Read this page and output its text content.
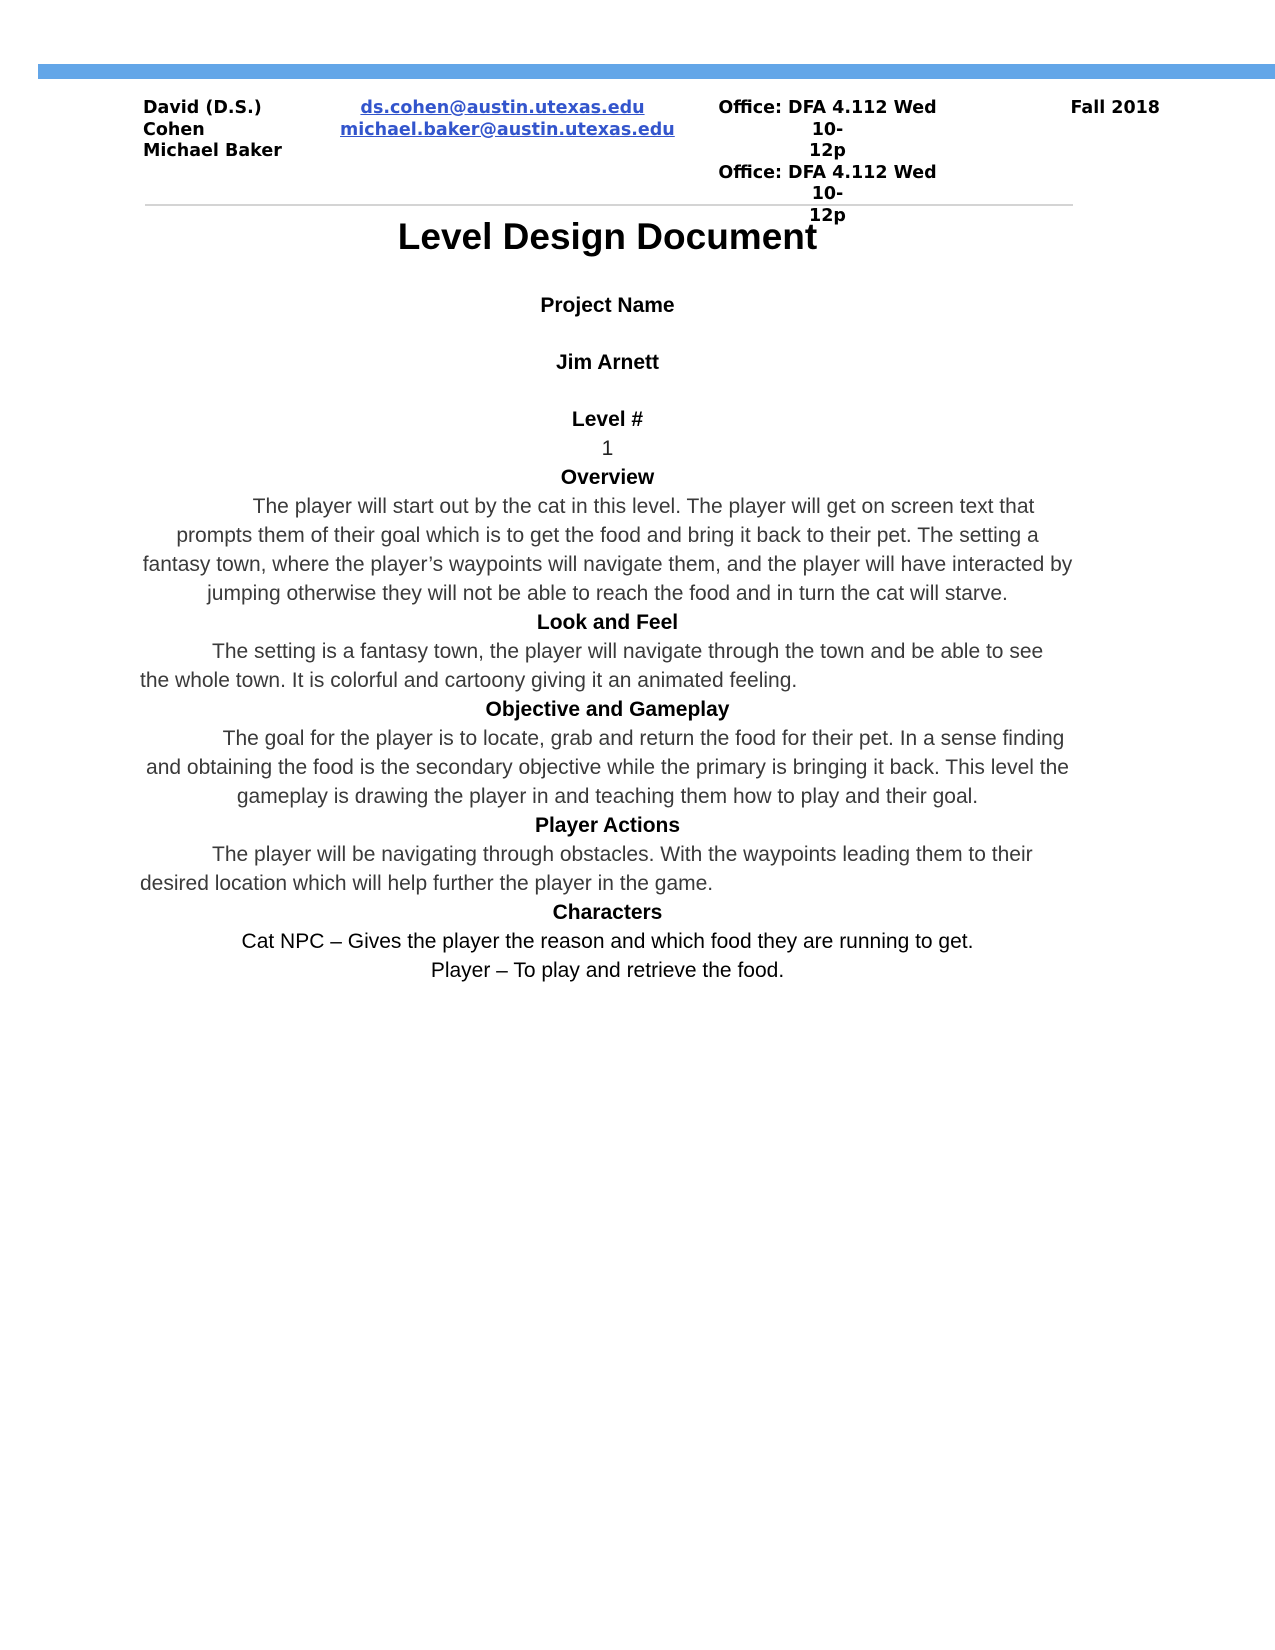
David (D.S.)
Cohen
Michael Baker
ds.cohen@austin.utexas.edu
michael.baker@austin.utexas.edu
Office: DFA 4.112 Wed 10-
12p
Office: DFA 4.112 Wed 10-
12p
Fall 2018
Level Design Document
Project Name
Jim Arnett
Level #
1
Overview
The player will start out by the cat in this level. The player will get on screen text that prompts them of their goal which is to get the food and bring it back to their pet. The setting a fantasy town, where the player’s waypoints will navigate them, and the player will have interacted by jumping otherwise they will not be able to reach the food and in turn the cat will starve.
Look and Feel
The setting is a fantasy town, the player will navigate through the town and be able to see the whole town. It is colorful and cartoony giving it an animated feeling.
Objective and Gameplay
The goal for the player is to locate, grab and return the food for their pet. In a sense finding and obtaining the food is the secondary objective while the primary is bringing it back. This level the gameplay is drawing the player in and teaching them how to play and their goal.
Player Actions
The player will be navigating through obstacles. With the waypoints leading them to their desired location which will help further the player in the game.
Characters
Cat NPC – Gives the player the reason and which food they are running to get.
Player – To play and retrieve the food.
